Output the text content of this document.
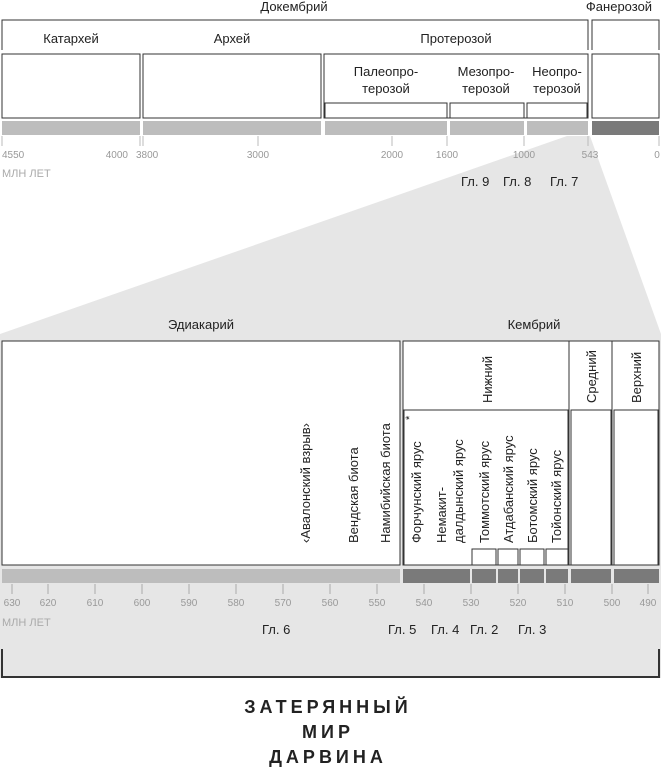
Докембрий	Фанерозой
Катархей	Архей	Протерозой
Палеопро-
терозой
Мезопро-
терозой
Неопро-
терозой
4550	4000 3800	3000	2000	1600	1000	543	0
МЛН ЛЕТ	Гл. 9 Гл. 8 Гл. 7
Эдиакарий	Кембрий
‹Авалонский взрыв›	Вендская биота Намибийская биота
Нижний	Средний Верхний
Форчунский ярус
*
Немакит- далдынский ярус Томмотский ярус Атдабанский ярус Ботомский ярус Тойонский ярус
630 620	610	600	590	580	570	560	550	540	530	520	510	500 490
МЛН ЛЕТ	Гл. 6	Гл. 5 Гл. 4 Гл. 2 Гл. 3
ЗАТЕРЯННЫЙ
МИР
ДАРВИНА
